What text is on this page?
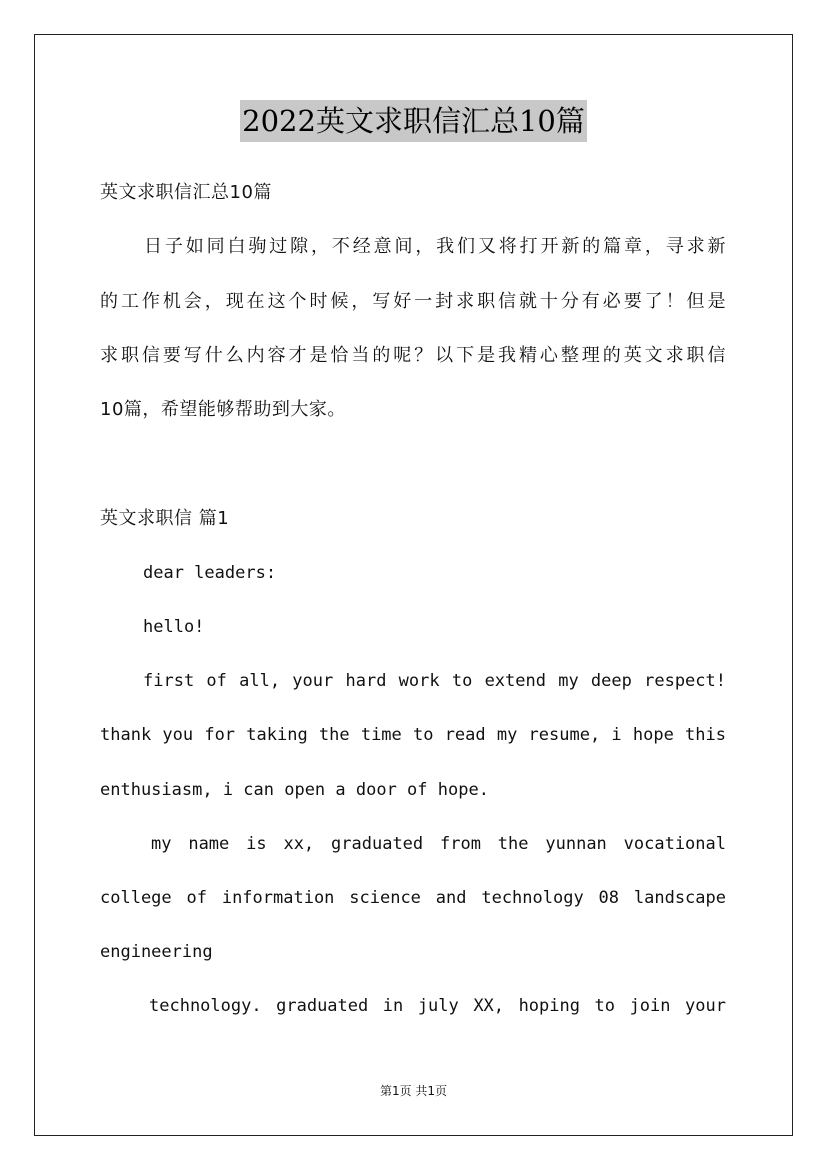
2022英文求职信汇总10篇
英文求职信汇总10篇
日子如同白驹过隙，不经意间，我们又将打开新的篇章，寻求新
的工作机会，现在这个时候，写好一封求职信就十分有必要了！但是
求职信要写什么内容才是恰当的呢？以下是我精心整理的英文求职信
10篇，希望能够帮助到大家。
英文求职信 篇1
dear leaders:
hello!
first of all, your hard work to extend my deep respect!
thank you for taking the time to read my resume, i hope this
enthusiasm, i can open a door of hope.
my name is xx, graduated from the yunnan vocational
college of information science and technology 08 landscape
engineering
technology. graduated in july XX, hoping to join your
第1页 共1页
